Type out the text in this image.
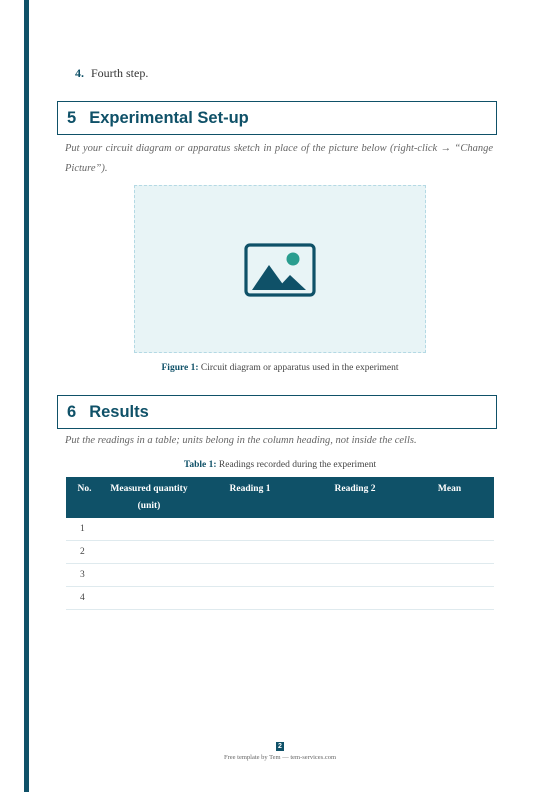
4. Fourth step.
5 Experimental Set-up
Put your circuit diagram or apparatus sketch in place of the picture below (right-click → “Change Picture”).
Figure 1: Circuit diagram or apparatus used in the experiment
6 Results
Put the readings in a table; units belong in the column heading, not inside the cells.
Table 1: Readings recorded during the experiment
No.	Measured quantity (unit)	Reading 1	Reading 2	Mean
1				
2				
3				
4				
2
Free template by Tem — tem-services.com
